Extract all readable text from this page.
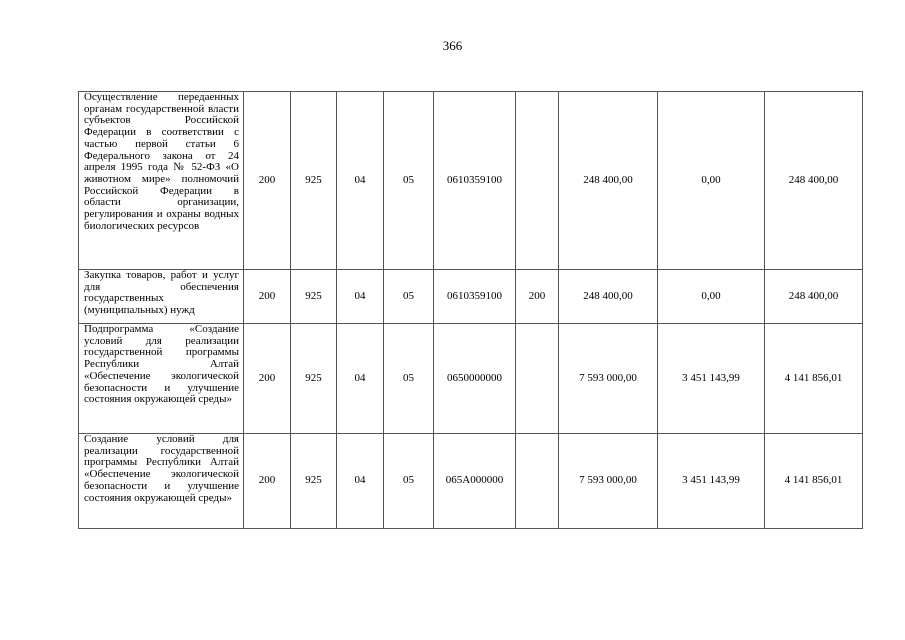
366
Осуществление передаенных органам государственной власти субъектов Российской Федерации в соответствии с частью первой статьи 6 Федерального закона от 24 апреля 1995 года № 52-ФЗ «О животном мире» полномочий Российской Федерации в области организации, регулирования и охраны водных биологических ресурсов	200	925	04	05	0610359100		248 400,00	0,00	248 400,00
Закупка товаров, работ и услуг для обеспечения государственных (муниципальных) нужд	200	925	04	05	0610359100	200	248 400,00	0,00	248 400,00
Подпрограмма «Создание условий для реализации государственной программы Республики Алтай «Обеспечение экологической безопасности и улучшение состояния окружающей среды»	200	925	04	05	0650000000		7 593 000,00	3 451 143,99	4 141 856,01
Создание условий для реализации государственной программы Республики Алтай «Обеспечение экологической безопасности и улучшение состояния окружающей среды»	200	925	04	05	065A000000		7 593 000,00	3 451 143,99	4 141 856,01
